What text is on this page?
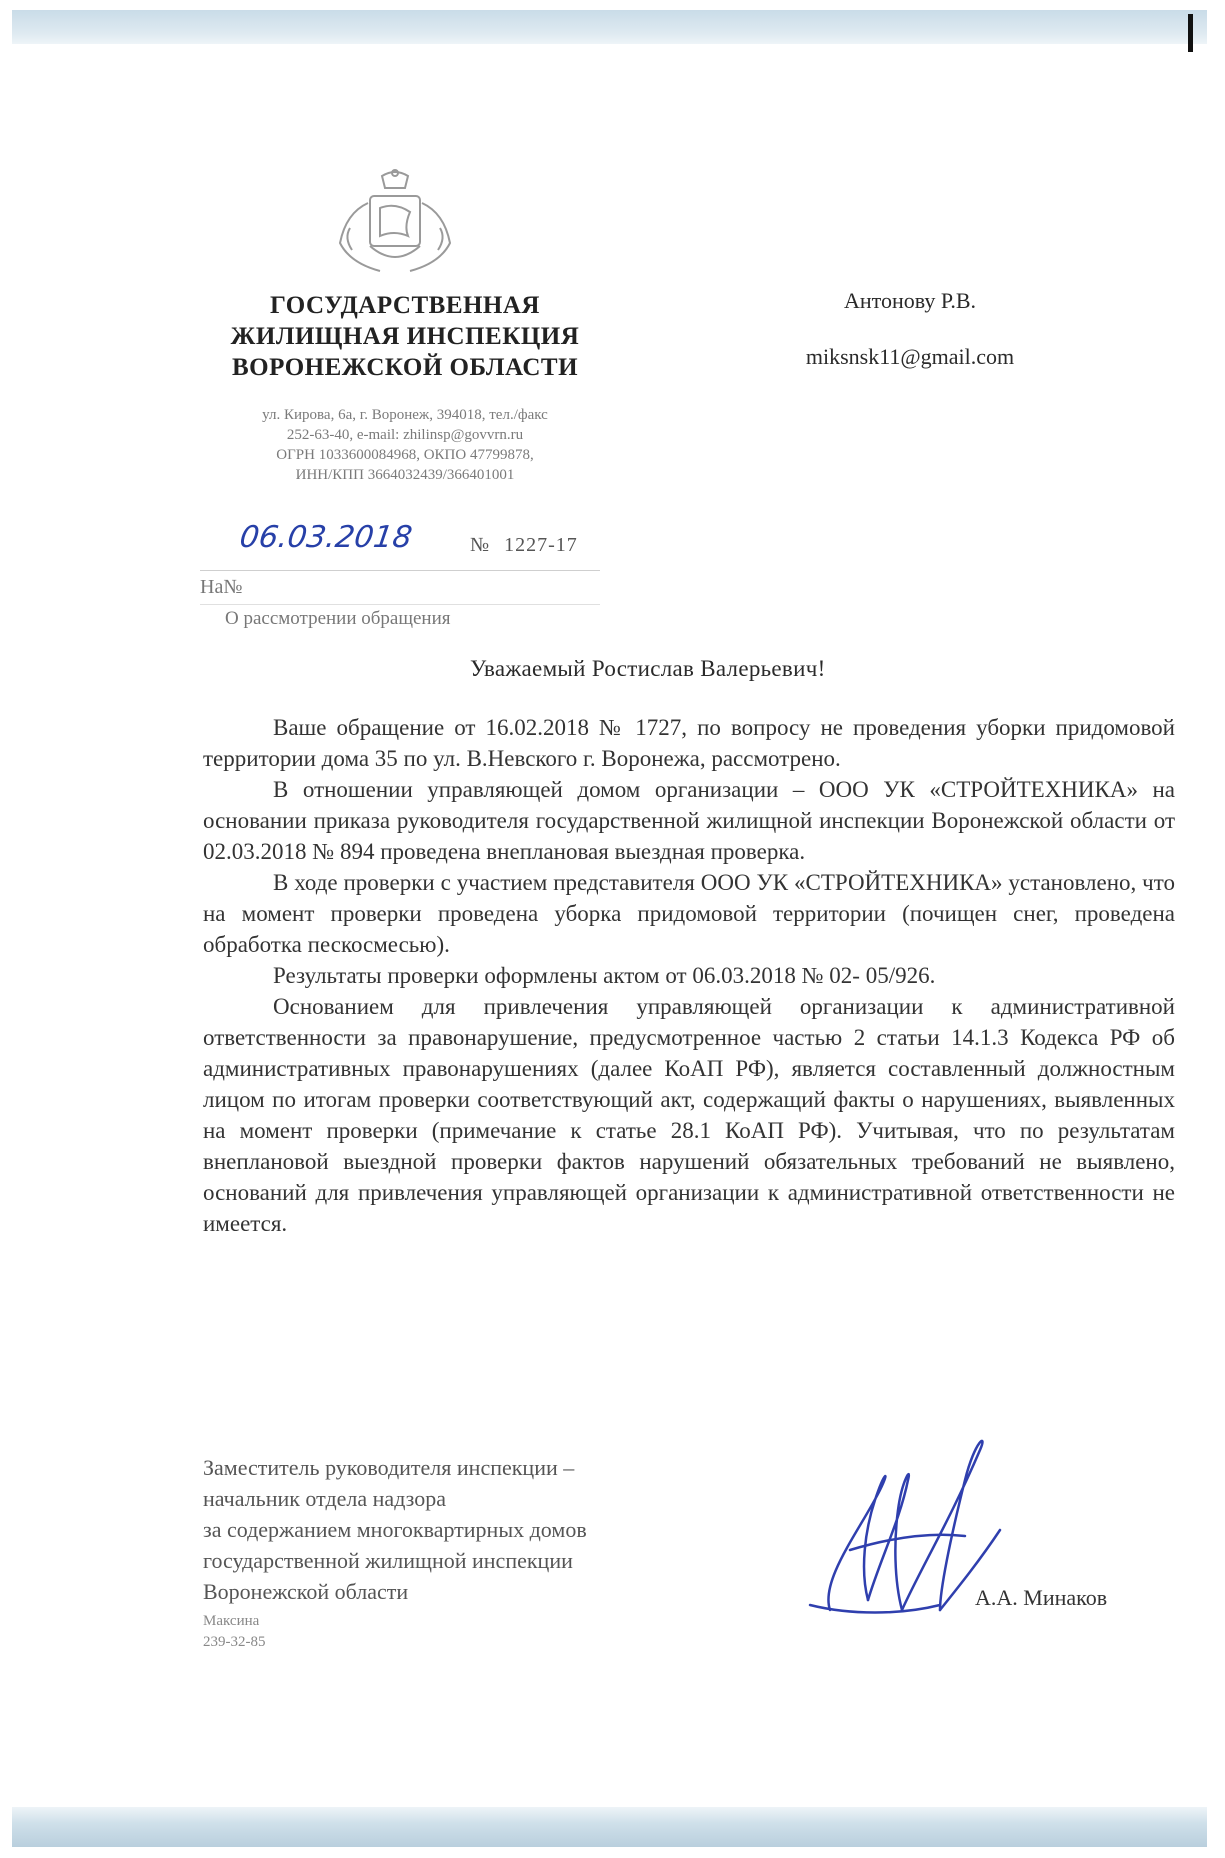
ГОСУДАРСТВЕННАЯ
ЖИЛИЩНАЯ ИНСПЕКЦИЯ
ВОРОНЕЖСКОЙ ОБЛАСТИ
ул. Кирова, 6а, г. Воронеж, 394018, тел./факс
252-63-40, e-mail: zhilinsp@govvrn.ru
ОГРН 1033600084968, ОКПО 47799878,
ИНН/КПП 3664032439/366401001
Антонову Р.В.
miksnsk11@gmail.com
06.03.2018	№ 1227-17
На№
О рассмотрении обращения
Уважаемый Ростислав Валерьевич!

Ваше обращение от 16.02.2018 № 1727, по вопросу не проведения уборки придомовой территории дома 35 по ул. В.Невского г. Воронежа, рассмотрено.

В отношении управляющей домом организации – ООО УК «СТРОЙТЕХНИКА» на основании приказа руководителя государственной жилищной инспекции Воронежской области от 02.03.2018 № 894 проведена внеплановая выездная проверка.

В ходе проверки с участием представителя ООО УК «СТРОЙТЕХНИКА» установлено, что на момент проверки проведена уборка придомовой территории (почищен снег, проведена обработка пескосмесью).

Результаты проверки оформлены актом от 06.03.2018 № 02- 05/926.

Основанием для привлечения управляющей организации к административной ответственности за правонарушение, предусмотренное частью 2 статьи 14.1.3 Кодекса РФ об административных правонарушениях (далее КоАП РФ), является составленный должностным лицом по итогам проверки соответствующий акт, содержащий факты о нарушениях, выявленных на момент проверки (примечание к статье 28.1 КоАП РФ). Учитывая, что по результатам внеплановой выездной проверки фактов нарушений обязательных требований не выявлено, оснований для привлечения управляющей организации к административной ответственности не имеется.

Заместитель руководителя инспекции –
начальник отдела надзора
за содержанием многоквартирных домов
государственной жилищной инспекции
Воронежской области
Максина
239-32-85
А.А. Минаков
